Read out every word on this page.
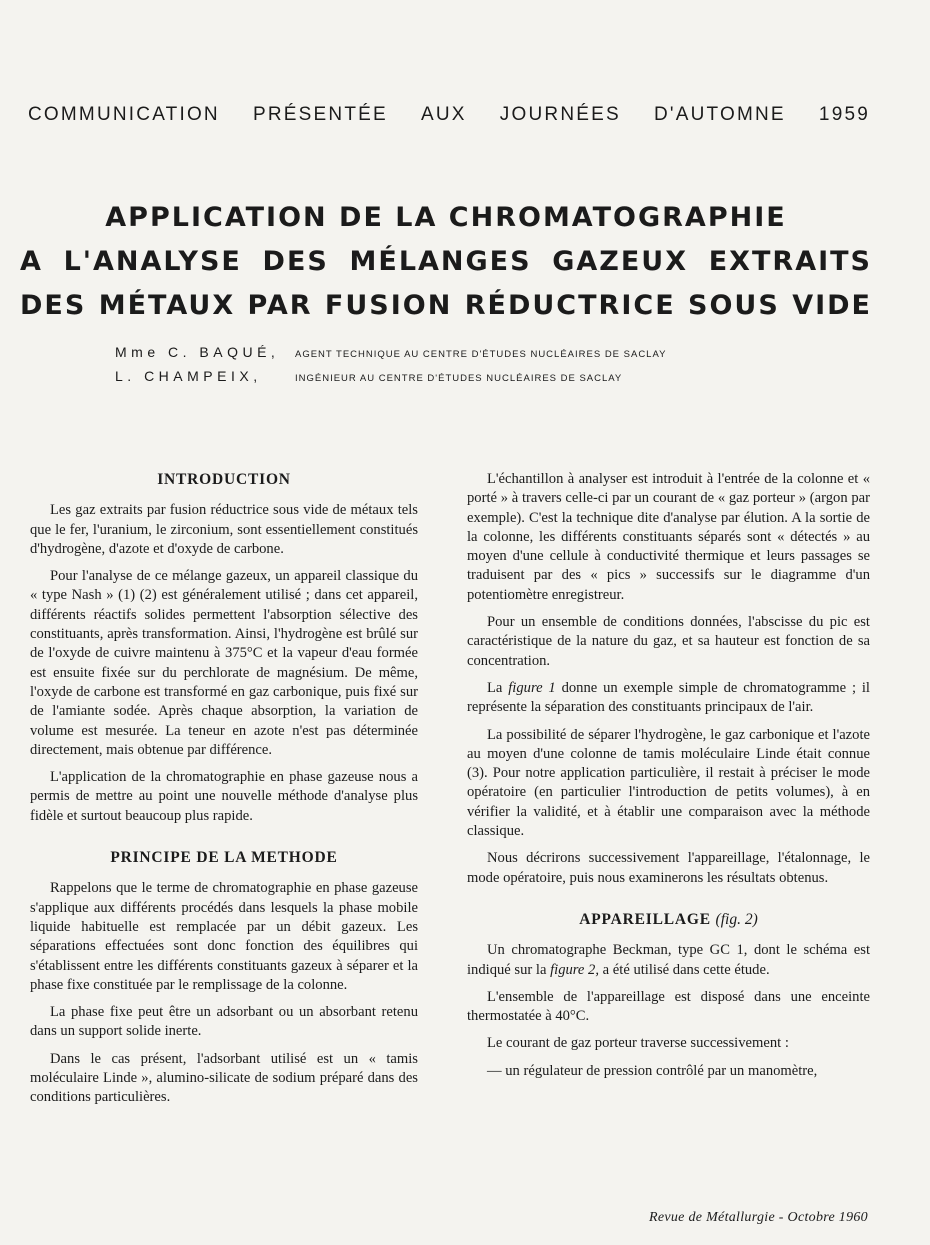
COMMUNICATION PRÉSENTÉE AUX JOURNÉES D'AUTOMNE 1959
APPLICATION DE LA CHROMATOGRAPHIE
A L'ANALYSE DES MÉLANGES GAZEUX EXTRAITS
DES MÉTAUX PAR FUSION RÉDUCTRICE SOUS VIDE
Mme C. BAQUÉ,	AGENT TECHNIQUE AU CENTRE D'ÉTUDES NUCLÉAIRES DE SACLAY
L. CHAMPEIX,	INGÉNIEUR AU CENTRE D'ÉTUDES NUCLÉAIRES DE SACLAY
INTRODUCTION

Les gaz extraits par fusion réductrice sous vide de métaux tels que le fer, l'uranium, le zirconium, sont essentiellement constitués d'hydrogène, d'azote et d'oxyde de carbone.

Pour l'analyse de ce mélange gazeux, un appareil classique du « type Nash » (1) (2) est généralement utilisé ; dans cet appareil, différents réactifs solides permettent l'absorption sélective des constituants, après transformation. Ainsi, l'hydrogène est brûlé sur de l'oxyde de cuivre maintenu à 375°C et la vapeur d'eau formée est ensuite fixée sur du perchlorate de magnésium. De même, l'oxyde de carbone est transformé en gaz carbonique, puis fixé sur de l'amiante sodée. Après chaque absorption, la variation de volume est mesurée. La teneur en azote n'est pas déterminée directement, mais obtenue par différence.

L'application de la chromatographie en phase gazeuse nous a permis de mettre au point une nouvelle méthode d'analyse plus fidèle et surtout beaucoup plus rapide.

PRINCIPE DE LA METHODE

Rappelons que le terme de chromatographie en phase gazeuse s'applique aux différents procédés dans lesquels la phase mobile liquide habituelle est remplacée par un débit gazeux. Les séparations effectuées sont donc fonction des équilibres qui s'établissent entre les différents constituants gazeux à séparer et la phase fixe constituée par le remplissage de la colonne.

La phase fixe peut être un adsorbant ou un absorbant retenu dans un support solide inerte.

Dans le cas présent, l'adsorbant utilisé est un « tamis moléculaire Linde », alumino-silicate de sodium préparé dans des conditions particulières.

L'échantillon à analyser est introduit à l'entrée de la colonne et « porté » à travers celle-ci par un courant de « gaz porteur » (argon par exemple). C'est la technique dite d'analyse par élution. A la sortie de la colonne, les différents constituants séparés sont « détectés » au moyen d'une cellule à conductivité thermique et leurs passages se traduisent par des « pics » successifs sur le diagramme d'un potentiomètre enregistreur.

Pour un ensemble de conditions données, l'abscisse du pic est caractéristique de la nature du gaz, et sa hauteur est fonction de sa concentration.

La figure 1 donne un exemple simple de chromatogramme ; il représente la séparation des constituants principaux de l'air.

La possibilité de séparer l'hydrogène, le gaz carbonique et l'azote au moyen d'une colonne de tamis moléculaire Linde était connue (3). Pour notre application particulière, il restait à préciser le mode opératoire (en particulier l'introduction de petits volumes), à en vérifier la validité, et à établir une comparaison avec la méthode classique.

Nous décrirons successivement l'appareillage, l'étalonnage, le mode opératoire, puis nous examinerons les résultats obtenus.

APPAREILLAGE (fig. 2)

Un chromatographe Beckman, type GC 1, dont le schéma est indiqué sur la figure 2, a été utilisé dans cette étude.

L'ensemble de l'appareillage est disposé dans une enceinte thermostatée à 40°C.

Le courant de gaz porteur traverse successivement :

— un régulateur de pression contrôlé par un manomètre,

Revue de Métallurgie - Octobre 1960
